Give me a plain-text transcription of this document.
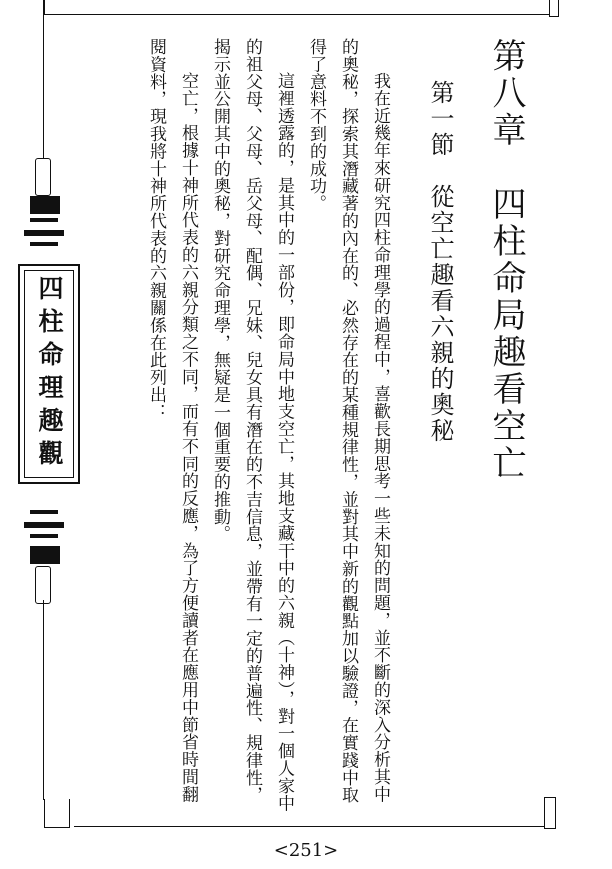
四柱命理趣觀	第八章　四柱命局趣看空亡
第一節　從空亡趣看六親的奧秘

我在近幾年來研究四柱命理學的過程中，喜歡長期思考一些未知的問題，並不斷的深入分析其中的奧秘，探索其潛藏著的內在的、必然存在的某種規律性，並對其中新的觀點加以驗證，在實踐中取得了意料不到的成功。

這裡透露的，是其中的一部份，即命局中地支空亡，其地支藏干中的六親（十神），對一個人家中的祖父母、父母、岳父母、配偶、兄妹、兒女具有潛在的不吉信息，並帶有一定的普遍性、規律性，揭示並公開其中的奧秘，對研究命理學，無疑是一個重要的推動。

空亡，根據十神所代表的六親分類之不同，而有不同的反應，為了方便讀者在應用中節省時間翻閱資料，現我將十神所代表的六親關係在此列出：

<251>
